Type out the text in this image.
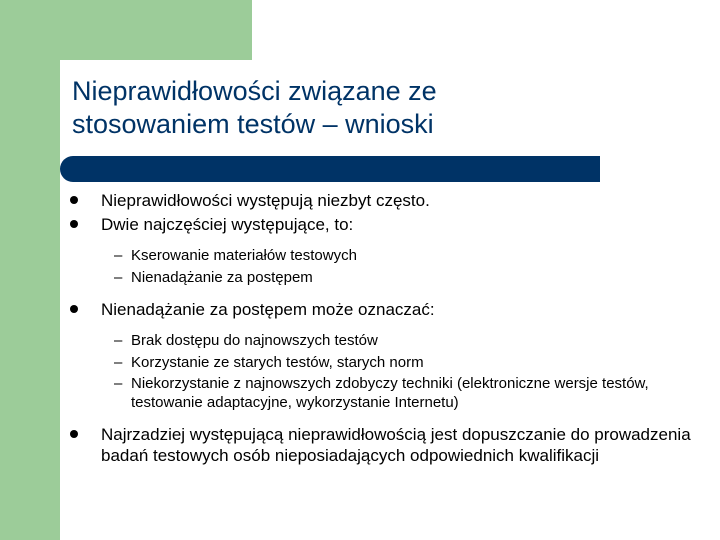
Nieprawidłowości związane ze
stosowaniem testów – wnioski
Nieprawidłowości występują niezbyt często.
Dwie najczęściej występujące, to:
– Kserowanie materiałów testowych
– Nienadążanie za postępem
Nienadążanie za postępem może oznaczać:
– Brak dostępu do najnowszych testów
– Korzystanie ze starych testów, starych norm
– Niekorzystanie z najnowszych zdobyczy techniki (elektroniczne wersje testów, testowanie adaptacyjne, wykorzystanie Internetu)
Najrzadziej występującą nieprawidłowością jest dopuszczanie do prowadzenia badań testowych osób nieposiadających odpowiednich kwalifikacji
